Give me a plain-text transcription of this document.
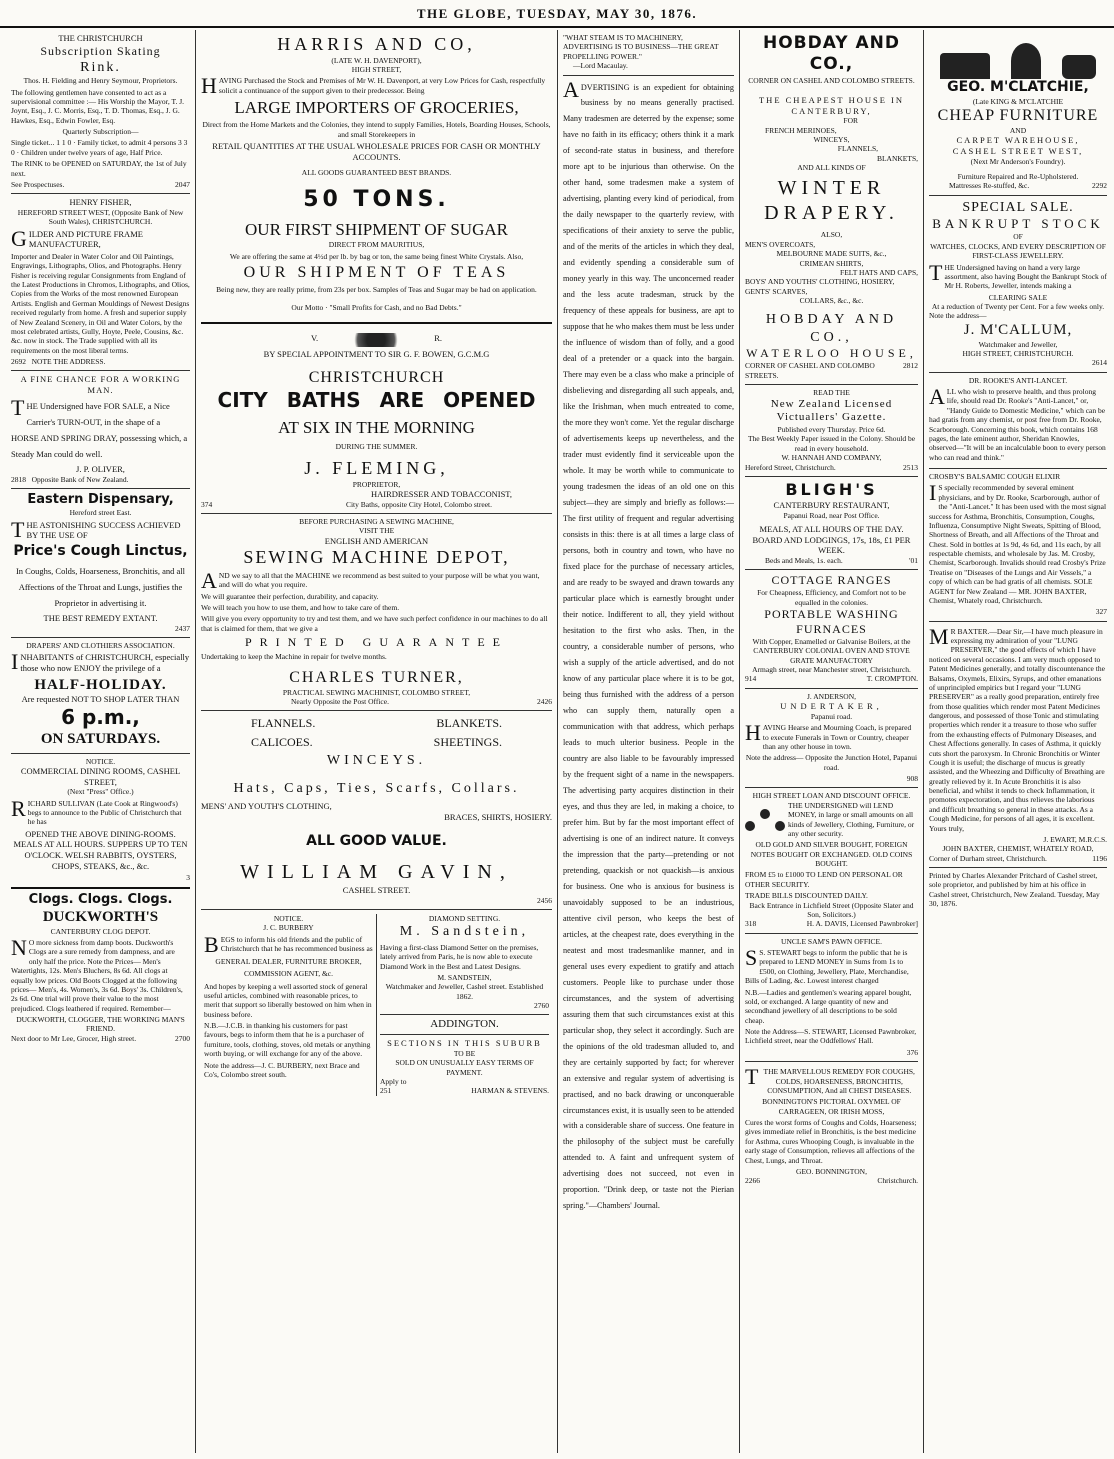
THE GLOBE, TUESDAY, MAY 30, 1876.
THE CHRISTCHURCH
Subscription Skating
Rink.
Thos. H. Fielding and Henry Seymour, Proprietors.

The following gentlemen have consented to act as a supervisional committee :— His Worship the Mayor, T. J. Joynt, Esq., J. C. Morris, Esq., T. D. Thomas, Esq., J. G. Hawkes, Esq., Edwin Fowler, Esq.

Quarterly Subscription—

Single ticket... 1 1 0 · Family ticket, to admit 4 persons 3 3 0 · Children under twelve years of age, Half Price.

The RINK to be OPENED on SATURDAY, the 1st of July next.

See Prospectuses.	2047
HENRY FISHER,
HEREFORD STREET WEST, (Opposite Bank of New South Wales), CHRISTCHURCH.

GILDER AND PICTURE FRAME MANUFACTURER,

Importer and Dealer in Water Color and Oil Paintings, Engravings, Lithographs, Olios, and Photographs. Henry Fisher is receiving regular Consignments from England of the Latest Productions in Chromos, Lithographs, and Olios, Copies from the Works of the most renowned European Artists. English and German Mouldings of Newest Designs received regularly from home. A fresh and superior supply of New Zealand Scenery, in Oil and Water Colors, by the most celebrated artists, Gully, Hoyte, Peele, Cousins, &c. &c. now in stock. The Trade supplied with all its requirements on the most liberal terms.

2692 NOTE THE ADDRESS.
A FINE CHANCE FOR A WORKING MAN.

THE Undersigned have FOR SALE, a Nice Carrier's TURN-OUT, in the shape of a HORSE AND SPRING DRAY, possessing which, a Steady Man could do well.

J. P. OLIVER,
2818 Opposite Bank of New Zealand.
Eastern Dispensary,
Hereford street East.

THE ASTONISHING SUCCESS ACHIEVED BY THE USE OF

Price's Cough Linctus,

In Coughs, Colds, Hoarseness, Bronchitis, and all Affections of the Throat and Lungs, justifies the Proprietor in advertising it.

THE BEST REMEDY EXTANT.
2437
DRAPERS' AND CLOTHIERS ASSOCIATION.

INHABITANTS of CHRISTCHURCH, especially those who now ENJOY the privilege of a

HALF-HOLIDAY.
Are requested NOT TO SHOP LATER THAN
6 p.m.,
ON SATURDAYS.
NOTICE.
COMMERCIAL DINING ROOMS, CASHEL STREET,
(Next "Press" Office.)

RICHARD SULLIVAN (Late Cook at Ringwood's) begs to announce to the Public of Christchurch that he has

OPENED THE ABOVE DINING-ROOMS. MEALS AT ALL HOURS. SUPPERS UP TO TEN O'CLOCK. WELSH RABBITS, OYSTERS, CHOPS, STEAKS, &c., &c.

3
Clogs. Clogs. Clogs.
DUCKWORTH'S
CANTERBURY CLOG DEPOT.

N O more sickness from damp boots. Duckworth's Clogs are a sure remedy from dampness, and are only half the price. Note the Prices— Men's Watertights, 12s. Men's Bluchers, 8s 6d. All clogs at equally low prices. Old Boots Clogged at the following prices— Men's, 4s. Women's, 3s 6d. Boys' 3s. Children's, 2s 6d. One trial will prove their value to the most prejudiced. Clogs leathered if required. Remember—

DUCKWORTH, CLOGGER, THE WORKING MAN'S FRIEND.
Next door to Mr Lee, Grocer, High street.	2700
HARRIS AND CO,
(LATE W. H. DAVENPORT),
HIGH STREET,

HAVING Purchased the Stock and Premises of Mr W. H. Davenport, at very Low Prices for Cash, respectfully solicit a continuance of the support given to their predecessor. Being

LARGE IMPORTERS OF GROCERIES,

Direct from the Home Markets and the Colonies, they intend to supply Families, Hotels, Boarding Houses, Schools, and small Storekeepers in

RETAIL QUANTITIES AT THE USUAL WHOLESALE PRICES FOR CASH OR MONTHLY ACCOUNTS.

ALL GOODS GUARANTEED BEST BRANDS.
50 TONS.
OUR FIRST SHIPMENT OF SUGAR
DIRECT FROM MAURITIUS,

We are offering the same at 4½d per lb. by bag or ton, the same being finest White Crystals. Also,

OUR SHIPMENT OF TEAS

Being new, they are really prime, from 23s per box. Samples of Teas and Sugar may be had on application.

Our Motto · "Small Profits for Cash, and no Bad Debts."
V.	R.
BY SPECIAL APPOINTMENT TO SIR G. F. BOWEN, G.C.M.G
CHRISTCHURCH
CITY BATHS ARE OPENED
AT SIX IN THE MORNING
DURING THE SUMMER.
J. FLEMING,
PROPRIETOR,
HAIRDRESSER AND TOBACCONIST,
374	City Baths, opposite City Hotel, Colombo street.
BEFORE PURCHASING A SEWING MACHINE,
VISIT THE
ENGLISH AND AMERICAN
SEWING MACHINE DEPOT,

AND we say to all that the MACHINE we recommend as best suited to your purpose will be what you want, and will do what you require.

We will guarantee their perfection, durability, and capacity.

We will teach you how to use them, and how to take care of them.

Will give you every opportunity to try and test them, and we have such perfect confidence in our machines to do all that is claimed for them, that we give a

PRINTED GUARANTEE

Undertaking to keep the Machine in repair for twelve months.

CHARLES TURNER,
PRACTICAL SEWING MACHINIST, COLOMBO STREET,
Nearly Opposite the Post Office.	2426
FLANNELS.	BLANKETS.
CALICOES.	SHEETINGS.
WINCEYS.
Hats, Caps, Ties, Scarfs, Collars.
MENS' AND YOUTH'S CLOTHING,
BRACES, SHIRTS, HOSIERY.
ALL GOOD VALUE.
WILLIAM GAVIN,
CASHEL STREET.
2456
NOTICE.
J. C. BURBERY

BEGS to inform his old friends and the public of Christchurch that he has recommenced business as

GENERAL DEALER, FURNITURE BROKER, COMMISSION AGENT, &c.

And hopes by keeping a well assorted stock of general useful articles, combined with reasonable prices, to merit that support so liberally bestowed on him when in business before.

N.B.—J.C.B. in thanking his customers for past favours, begs to inform them that he is a purchaser of furniture, tools, clothing, stoves, old metals or anything worth buying, or will exchange for any of the above.

Note the address—J. C. BURBERY, next Brace and Co's, Colombo street south.

DIAMOND SETTING.
M. Sandstein,

Having a first-class Diamond Setter on the premises, lately arrived from Paris, he is now able to execute Diamond Work in the Best and Latest Designs.

M. SANDSTEIN,
Watchmaker and Jeweller, Cashel street. Established 1862.
2760
ADDINGTON.
SECTIONS IN THIS SUBURB
TO BE
SOLD ON UNUSUALLY EASY TERMS OF PAYMENT.
Apply to
251	HARMAN & STEVENS.
"WHAT STEAM IS TO MACHINERY, ADVERTISING IS TO BUSINESS—THE GREAT PROPELLING POWER."
—Lord Macaulay.
ADVERTISING is an expedient for obtaining business by no means generally practised. Many tradesmen are deterred by the expense; some have no faith in its efficacy; others think it a mark of second-rate status in business, and therefore more apt to be injurious than otherwise. On the other hand, some tradesmen make a system of advertising, planting every kind of periodical, from the daily newspaper to the quarterly review, with specifications of their anxiety to serve the public, and of the merits of the articles in which they deal, and evidently spending a considerable sum of money yearly in this way. The unconcerned reader and the less acute tradesman, struck by the frequency of these appeals for business, are apt to suppose that he who makes them must be less under the influence of wisdom than of folly, and a good deal of a pretender or a quack into the bargain. There may even be a class who make a principle of disbelieving and disregarding all such appeals, and, like the Irishman, when much entreated to come, the more they won't come. Yet the regular discharge of advertisements keeps up nevertheless, and the trader must evidently find it serviceable upon the whole. It may be worth while to communicate to young tradesmen the ideas of an old one on this subject—they are simply and briefly as follows:—The first utility of frequent and regular advertising consists in this: there is at all times a large class of persons, both in country and town, who have no fixed place for the purchase of necessary articles, and are ready to be swayed and drawn towards any particular place which is earnestly brought under their notice. Indifferent to all, they yield without hesitation to the first who asks. Then, in the country, a considerable number of persons, who wish a supply of the article advertised, and do not know of any particular place where it is to be got, being thus furnished with the address of a person who can supply them, naturally open a communication with that address, which perhaps leads to much ulterior business. People in the country are also liable to be favourably impressed by the frequent sight of a name in the newspapers. The advertising party acquires distinction in their eyes, and thus they are led, in making a choice, to prefer him. But by far the most important effect of advertising is one of an indirect nature. It conveys the impression that the party—pretending or not pretending, quackish or not quackish—is anxious for business. One who is anxious for business is unavoidably supposed to be an industrious, attentive civil person, who keeps the best of articles, at the cheapest rate, does everything in the neatest and most tradesmanlike manner, and in general uses every expedient to gratify and attach customers. People like to purchase under those circumstances, and the system of advertising assuring them that such circumstances exist at this particular shop, they select it accordingly. Such are the opinions of the old tradesman alluded to, and they are certainly supported by fact; for wherever an extensive and regular system of advertising is practised, and no back drawing or unconquerable circumstances exist, it is usually seen to be attended with a considerable share of success. One feature in the philosophy of the subject must be carefully attended to. A faint and unfrequent system of advertising does not succeed, not even in proportion. "Drink deep, or taste not the Pierian spring."—Chambers' Journal.
HOBDAY AND CO.,
CORNER ON CASHEL AND COLOMBO STREETS.
THE CHEAPEST HOUSE IN CANTERBURY,
FOR
FRENCH MERINOES,
WINCEYS,
FLANNELS,
BLANKETS,
AND ALL KINDS OF
WINTER DRAPERY.
ALSO,
MEN'S OVERCOATS,
MELBOURNE MADE SUITS, &c.,
CRIMEAN SHIRTS,
FELT HATS AND CAPS,
BOYS' AND YOUTHS' CLOTHING, HOSIERY, GENTS' SCARVES,
COLLARS, &c., &c.
HOBDAY AND CO.,
WATERLOO HOUSE,
CORNER OF CASHEL AND COLOMBO STREETS.
2812
READ THE
New Zealand Licensed Victuallers' Gazette.
Published every Thursday. Price 6d.
The Best Weekly Paper issued in the Colony. Should be read in every household.
W. HANNAH AND COMPANY,
Hereford Street, Christchurch.	2513
BLIGH'S
CANTERBURY RESTAURANT,
Papanui Road, near Post Office.
MEALS, AT ALL HOURS OF THE DAY.
BOARD AND LODGINGS, 17s, 18s, £1 PER WEEK.
Beds and Meals, 1s. each.	'01
COTTAGE RANGES
For Cheapness, Efficiency, and Comfort not to be equalled in the colonies.
PORTABLE WASHING FURNACES
With Copper, Enamelled or Galvanise Boilers, at the
CANTERBURY COLONIAL OVEN AND STOVE GRATE MANUFACTORY
Armagh street, near Manchester street, Christchurch.
914	T. CROMPTON.
J. ANDERSON,
UNDERTAKER,
Papanui road.

HAVING Hearse and Mourning Coach, is prepared to execute Funerals in Town or Country, cheaper than any other house in town.

Note the address— Opposite the Junction Hotel, Papanui road.

908
HIGH STREET LOAN AND DISCOUNT OFFICE.
THE UNDERSIGNED will LEND MONEY, in large or small amounts on all kinds of Jewellery, Clothing, Furniture, or any other security.

OLD GOLD AND SILVER BOUGHT, FOREIGN NOTES BOUGHT OR EXCHANGED. OLD COINS BOUGHT.

FROM £5 to £1000 TO LEND ON PERSONAL OR OTHER SECURITY.

TRADE BILLS DISCOUNTED DAILY.
Back Entrance in Lichfield Street (Opposite Slater and Son, Solicitors.)
318	H. A. DAVIS, Licensed Pawnbroker]
UNCLE SAM'S PAWN OFFICE.

S S. STEWART begs to inform the public that he is prepared to LEND MONEY in Sums from 1s to £500, on Clothing, Jewellery, Plate, Merchandise, Bills of Lading, &c. Lowest interest charged

N.B.—Ladies and gentlemen's wearing apparel bought, sold, or exchanged. A large quantity of new and secondhand jewellery of all descriptions to be sold cheap.

Note the Address—S. STEWART, Licensed Pawnbroker, Lichfield street, near the Oddfellows' Hall.

376

TTHE MARVELLOUS REMEDY FOR COUGHS, COLDS, HOARSENESS, BRONCHITIS, CONSUMPTION, And all CHEST DISEASES.

BONNINGTON'S PICTORAL OXYMEL OF CARRAGEEN, OR IRISH MOSS,

Cures the worst forms of Coughs and Colds, Hoarseness; gives immediate relief in Bronchitis, is the best medicine for Asthma, cures Whooping Cough, is invaluable in the early stage of Consumption, relieves all affections of the Chest, Lungs, and Throat.

GEO. BONNINGTON,
2266	Christchurch.
GEO. M'CLATCHIE,
(Late KING & M'CLATCHIE
CHEAP FURNITURE
AND
CARPET WAREHOUSE,
CASHEL STREET WEST,
(Next Mr Anderson's Foundry).
Furniture Repaired and Re-Upholstered.
Mattresses Re-stuffed, &c.	2292
SPECIAL SALE.
BANKRUPT STOCK
OF
WATCHES, CLOCKS, AND EVERY DESCRIPTION OF FIRST-CLASS JEWELLERY.

THE Undersigned having on hand a very large assortment, also having Bought the Bankrupt Stock of Mr H. Roberts, Jeweller, intends making a

CLEARING SALE
At a reduction of Twenty per Cent. For a few weeks only.
Note the address—
J. M'CALLUM,
Watchmaker and Jeweller,
HIGH STREET, CHRISTCHURCH.
2614
DR. ROOKE'S ANTI-LANCET.

ALL who wish to preserve health, and thus prolong life, should read Dr. Rooke's "Anti-Lancet," or, "Handy Guide to Domestic Medicine," which can be had gratis from any chemist, or post free from Dr. Rooke, Scarborough. Concerning this book, which contains 168 pages, the late eminent author, Sheridan Knowles, observed—"It will be an incalculable boon to every person who can read and think."

CROSBY'S BALSAMIC COUGH ELIXIR

I S specially recommended by several eminent physicians, and by Dr. Rooke, Scarborough, author of the "Anti-Lancet." It has been used with the most signal success for Asthma, Bronchitis, Consumption, Coughs, Influenza, Consumptive Night Sweats, Spitting of Blood, Shortness of Breath, and all Affections of the Throat and Chest. Sold in bottles at 1s 9d, 4s 6d, and 11s each, by all respectable chemists, and wholesale by Jas. M. Crosby, Chemist, Scarborough. Invalids should read Crosby's Prize Treatise on "Diseases of the Lungs and Air Vessels," a copy of which can be had gratis of all chemists. SOLE AGENT for New Zealand — MR. JOHN BAXTER, Chemist, Whately road, Christchurch.

327

M R BAXTER.—Dear Sir,—I have much pleasure in expressing my admiration of your "LUNG PRESERVER," the good effects of which I have noticed on several occasions. I am very much opposed to Patent Medicines generally, and totally discountenance the Balsams, Oxymels, Elixirs, Syrups, and other emanations of unprincipled empirics but I regard your "LUNG PRESERVER" as a really good preparation, entirely free from those qualities which render most Patent Medicines dangerous, and possessed of those Tonic and stimulating properties which render it a treasure to those who suffer from the exhausting effects of Pulmonary Diseases, and Chest Affections generally. In cases of Asthma, it quickly cuts short the paroxysm. In Chronic Bronchitis or Winter Cough it is useful; the discharge of mucus is greatly assisted, and the Wheezing and Difficulty of Breathing are greatly relieved by it. In Acute Bronchitis it is also beneficial, and whilst it tends to check Inflammation, it promotes expectoration, and thus relieves the laborious and difficult breathing so general in these attacks. As a Cough Medicine, for persons of all ages, it is excellent. Yours truly,

J. EWART, M.R.C.S.
JOHN BAXTER, CHEMIST, WHATELY ROAD,
Corner of Durham street, Christchurch.	1196
Printed by Charles Alexander Pritchard of Cashel street, sole proprietor, and published by him at his office in Cashel street, Christchurch, New Zealand. Tuesday, May 30, 1876.
